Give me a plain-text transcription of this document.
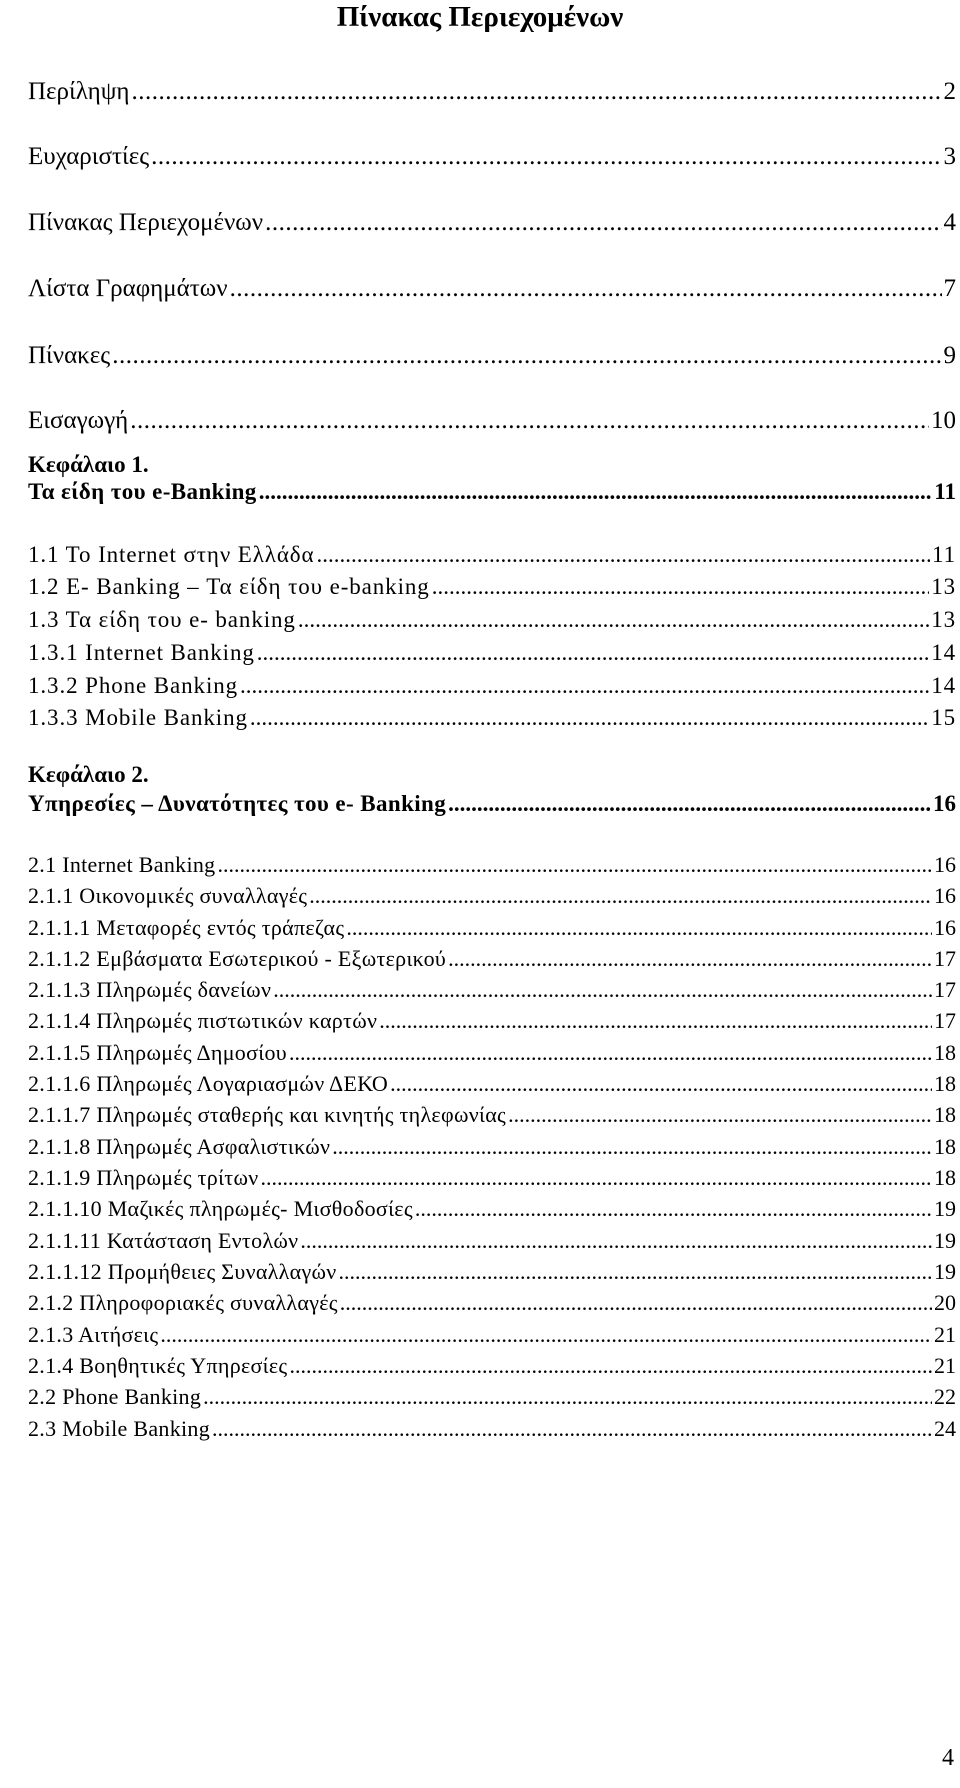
Πίνακας Περιεχομένων
Περίληψη .....	2
Ευχαριστίες .....	3
Πίνακας Περιεχομένων .....	4
Λίστα Γραφημάτων .....	7
Πίνακες .....	9
Εισαγωγή .....	10
Κεφάλαιο 1.
Τα είδη του e-Banking .....	11
1.1 Το Internet στην Ελλάδα .....	11
1.2 E- Banking – Τα είδη του e-banking .....	13
1.3 Τα είδη του e- banking .....	13
1.3.1 Internet Banking .....	14
1.3.2 Phone Banking .....	14
1.3.3 Mobile Banking .....	15
Κεφάλαιο 2.
Υπηρεσίες – Δυνατότητες του e- Banking .....	16
2.1 Internet Banking .....	16
2.1.1 Οικονομικές συναλλαγές .....	16
2.1.1.1 Μεταφορές εντός τράπεζας .....	16
2.1.1.2 Εμβάσματα Εσωτερικού - Εξωτερικού .....	17
2.1.1.3 Πληρωμές δανείων .....	17
2.1.1.4 Πληρωμές πιστωτικών καρτών .....	17
2.1.1.5 Πληρωμές Δημοσίου .....	18
2.1.1.6 Πληρωμές Λογαριασμών ΔΕΚΟ .....	18
2.1.1.7 Πληρωμές σταθερής και κινητής τηλεφωνίας .....	18
2.1.1.8 Πληρωμές Ασφαλιστικών .....	18
2.1.1.9 Πληρωμές τρίτων .....	18
2.1.1.10 Μαζικές πληρωμές- Μισθοδοσίες .....	19
2.1.1.11 Κατάσταση Εντολών .....	19
2.1.1.12 Προμήθειες Συναλλαγών .....	19
2.1.2 Πληροφοριακές συναλλαγές .....	20
2.1.3 Αιτήσεις .....	21
2.1.4 Βοηθητικές Υπηρεσίες .....	21
2.2 Phone Banking .....	22
2.3 Mobile Banking .....	24
4
